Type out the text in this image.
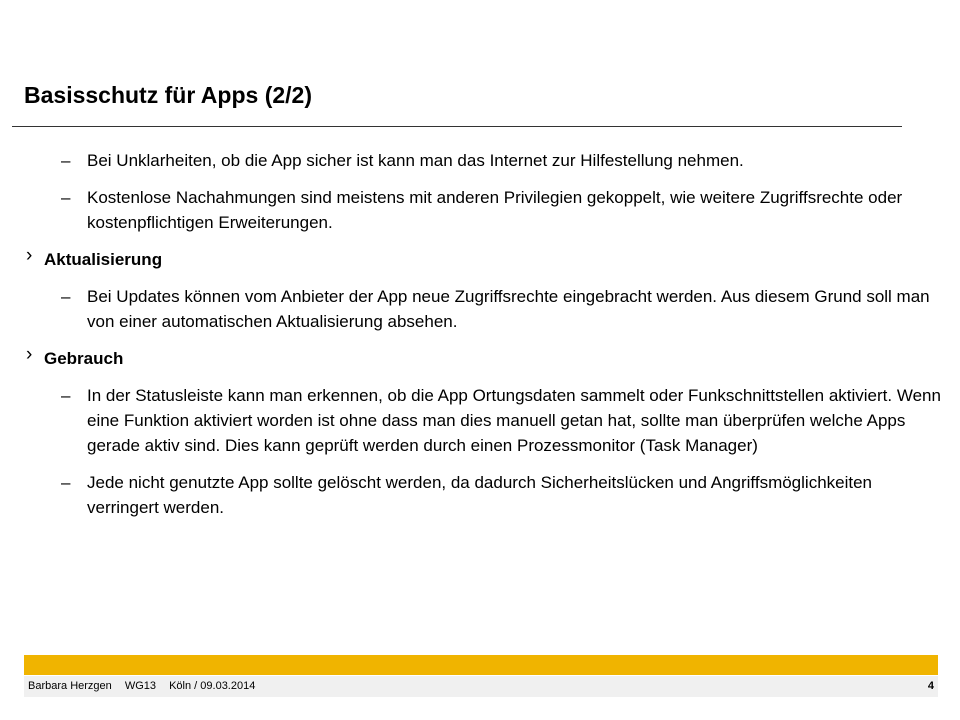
Basisschutz für Apps (2/2)
– Bei Unklarheiten, ob die App sicher ist kann man das Internet zur Hilfestellung nehmen.
– Kostenlose Nachahmungen sind meistens mit anderen Privilegien gekoppelt, wie weitere Zugriffsrechte oder kostenpflichtigen Erweiterungen.
› Aktualisierung
– Bei Updates können vom Anbieter der App neue Zugriffsrechte eingebracht werden. Aus diesem Grund soll man von einer automatischen Aktualisierung absehen.
› Gebrauch
– In der Statusleiste kann man erkennen, ob die App Ortungsdaten sammelt oder Funkschnittstellen aktiviert. Wenn eine Funktion aktiviert worden ist ohne dass man dies manuell getan hat, sollte man überprüfen welche Apps gerade aktiv sind. Dies kann geprüft werden durch einen Prozessmonitor (Task Manager)
– Jede nicht genutzte App sollte gelöscht werden, da dadurch Sicherheitslücken und Angriffsmöglichkeiten verringert werden.
Barbara Herzgen WG13 Köln / 09.03.2014	4
